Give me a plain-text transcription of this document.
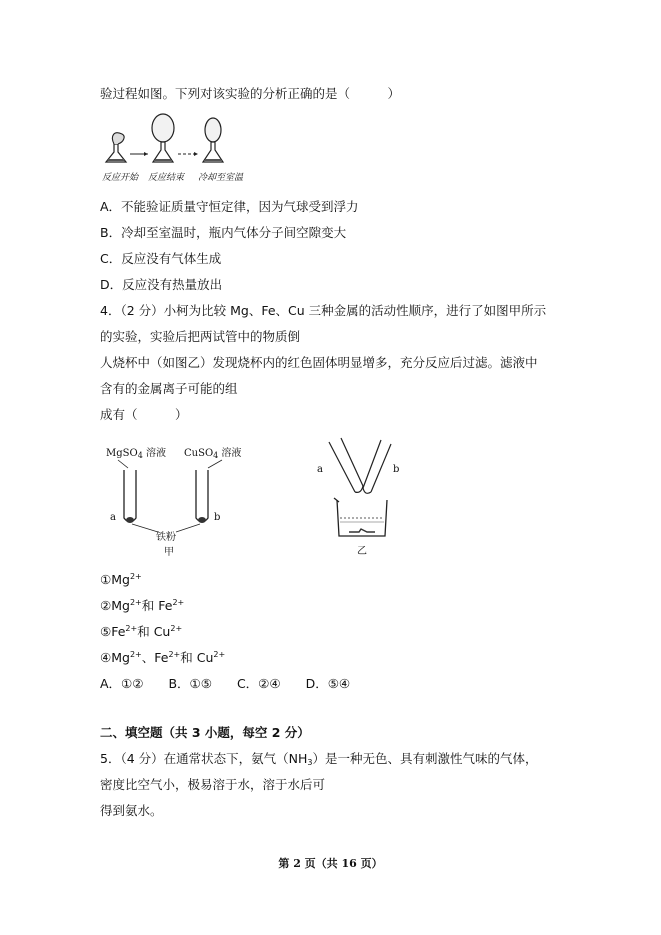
验过程如图。下列对该实验的分析正确的是（　　　）
反应开始 反应结束 冷却至室温
A．不能验证质量守恒定律，因为气球受到浮力
B．冷却至室温时，瓶内气体分子间空隙变大
C．反应没有气体生成
D．反应没有热量放出
4．（2 分）小柯为比较 Mg、Fe、Cu 三种金属的活动性顺序，进行了如图甲所示
的实验，实验后把两试管中的物质倒
人烧杯中（如图乙）发现烧杯内的红色固体明显增多，充分反应后过滤。滤液中
含有的金属离子可能的组
成有（　　　）
MgSO$_4$ 溶液 CuSO$_4$ 溶液
a	b
铁粉
甲
a	b
乙
$①Mg^{2+}$
$②Mg^{2+}$和 $Fe^{2+}$
$⑤Fe^{2+}$和 $Cu^{2+}$
$④Mg^{2+}$、$Fe^{2+}$和 $Cu^{2+}$
A．①②　　B．①⑤　　C．②④　　D．⑤④
二、填空题（共 3 小题，每空 2 分）
5．（4 分）在通常状态下，氨气$(NH_3)$是一种无色、具有刺激性气味的气体，
密度比空气小，极易溶于水，溶于水后可
得到氨水。
第 2 页（共 16 页）
